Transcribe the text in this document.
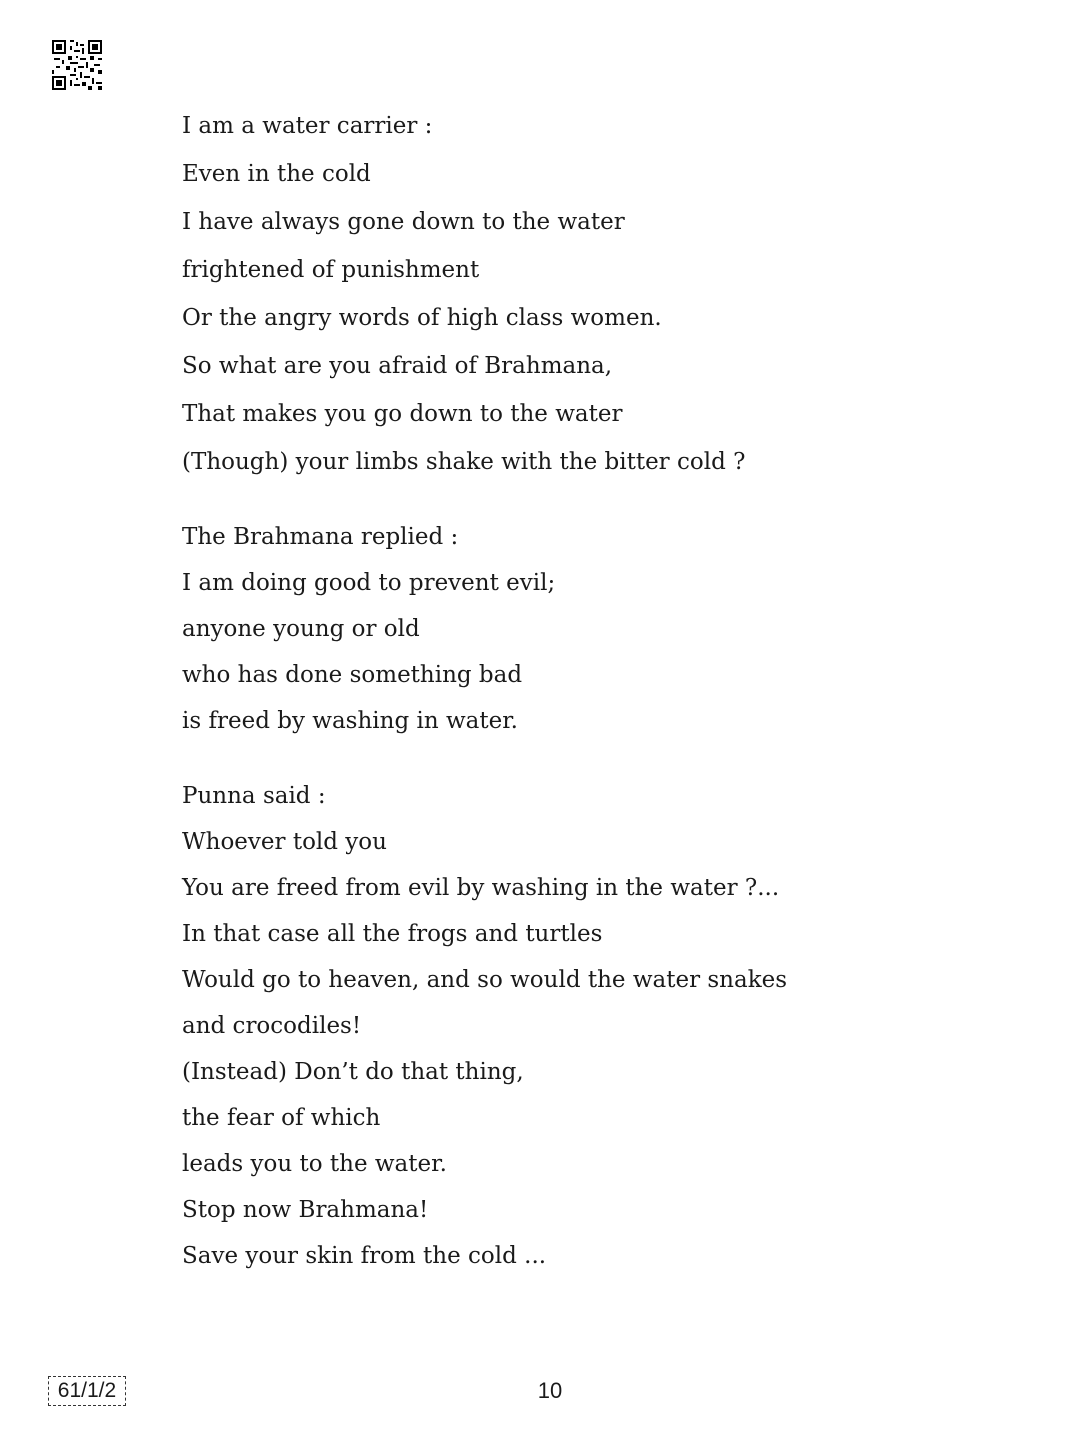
I am a water carrier :
Even in the cold
I have always gone down to the water
frightened of punishment
Or the angry words of high class women.
So what are you afraid of Brahmana,
That makes you go down to the water
(Though) your limbs shake with the bitter cold ?
The Brahmana replied :
I am doing good to prevent evil;
anyone young or old
who has done something bad
is freed by washing in water.
Punna said :
Whoever told you
You are freed from evil by washing in the water ?...
In that case all the frogs and turtles
Would go to heaven, and so would the water snakes
and crocodiles!
(Instead) Don’t do that thing,
the fear of which
leads you to the water.
Stop now Brahmana!
Save your skin from the cold ...
61/1/2	10
